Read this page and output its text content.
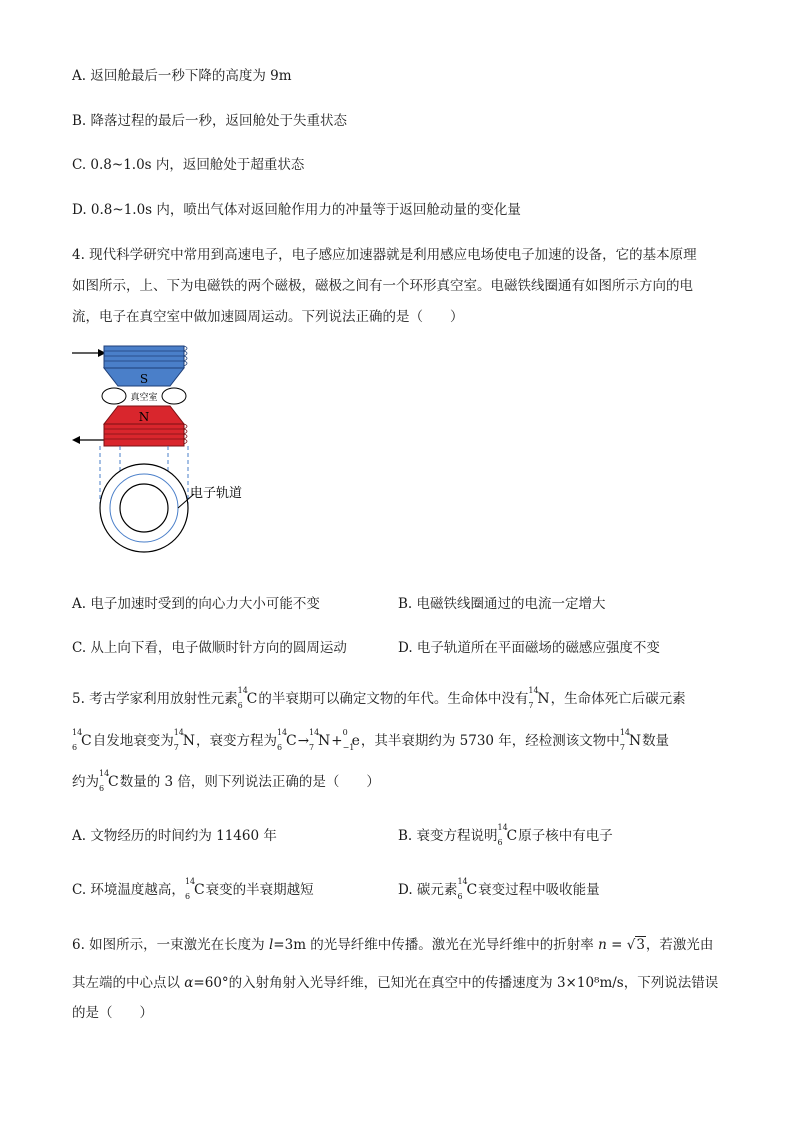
A. 返回舱最后一秒下降的高度为 9m
B. 降落过程的最后一秒，返回舱处于失重状态
C. 0.8~1.0s 内，返回舱处于超重状态
D. 0.8~1.0s 内，喷出气体对返回舱作用力的冲量等于返回舱动量的变化量
4. 现代科学研究中常用到高速电子，电子感应加速器就是利用感应电场使电子加速的设备，它的基本原理
如图所示，上、下为电磁铁的两个磁极，磁极之间有一个环形真空室。电磁铁线圈通有如图所示方向的电
流，电子在真空室中做加速圆周运动。下列说法正确的是（　　）
S
真空室
N
电子轨道
A. 电子加速时受到的向心力大小可能不变	B. 电磁铁线圈通过的电流一定增大
C. 从上向下看，电子做顺时针方向的圆周运动	D. 电子轨道所在平面磁场的磁感应强度不变
5. 考古学家利用放射性元素
14
6 C的半衰期可以确定文物的年代。生命体中没有
14
7 N，生命体死亡后碳元素
14
6 C自发地衰变为
14
7 N，衰变方程为
14
6 C→
14
7 N+
0
−1
e，其半衰期约为 5730 年，经检测该文物中
14
7 N数量
约为
14
6 C数量的 3 倍，则下列说法正确的是（　　）
A. 文物经历的时间约为 11460 年	B. 衰变方程说明
14
6 C原子核中有电子
C. 环境温度越高，
14
6 C衰变的半衰期越短	D. 碳元素
14
6 C衰变过程中吸收能量
6. 如图所示，一束激光在长度为 l=3m 的光导纤维中传播。激光在光导纤维中的折射率 n = √3，若激光由
其左端的中心点以 α=60°的入射角射入光导纤维，已知光在真空中的传播速度为 3×10⁸m/s，下列说法错误
的是（　　）
